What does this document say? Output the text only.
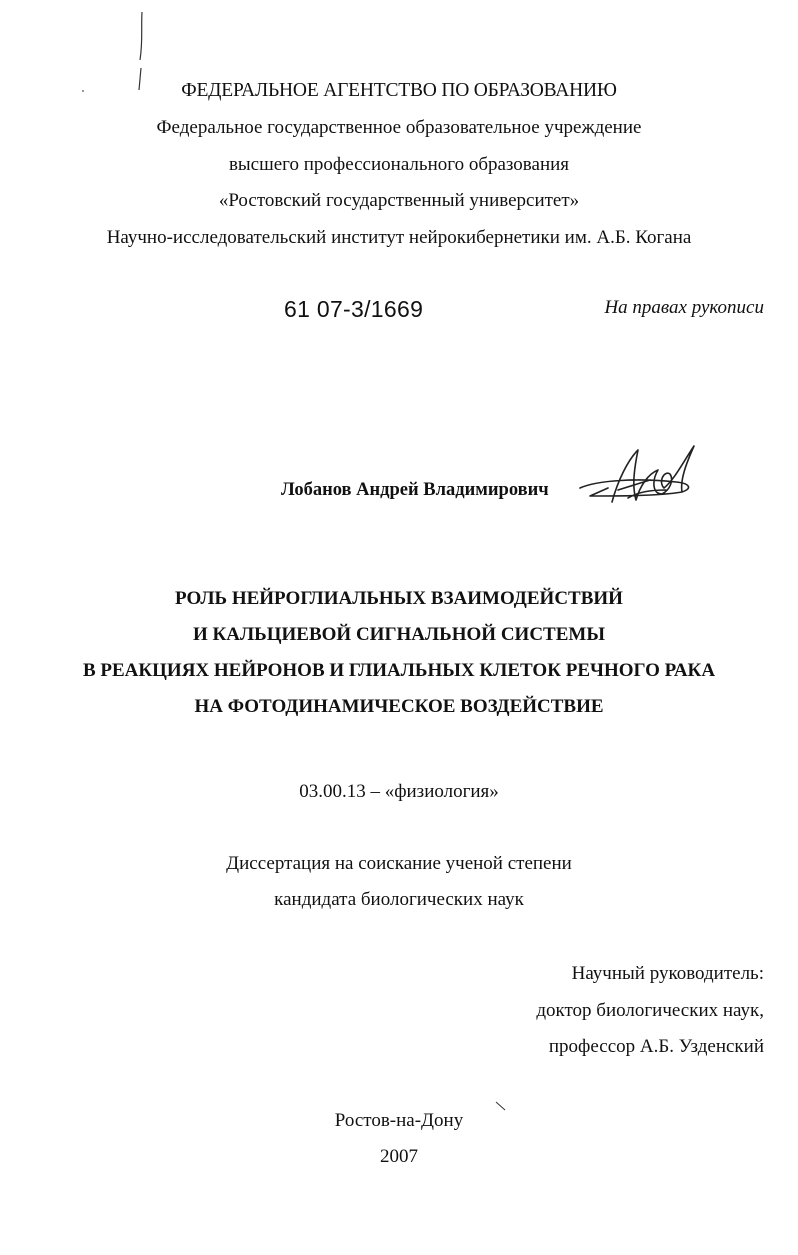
ФЕДЕРАЛЬНОЕ АГЕНТСТВО ПО ОБРАЗОВАНИЮ
Федеральное государственное образовательное учреждение
высшего профессионального образования
«Ростовский государственный университет»
Научно-исследовательский институт нейрокибернетики им. А.Б. Когана
61 07-3/1669	На правах рукописи
Лобанов Андрей Владимирович
РОЛЬ НЕЙРОГЛИАЛЬНЫХ ВЗАИМОДЕЙСТВИЙ
И КАЛЬЦИЕВОЙ СИГНАЛЬНОЙ СИСТЕМЫ
В РЕАКЦИЯХ НЕЙРОНОВ И ГЛИАЛЬНЫХ КЛЕТОК РЕЧНОГО РАКА
НА ФОТОДИНАМИЧЕСКОЕ ВОЗДЕЙСТВИЕ
03.00.13 – «физиология»
Диссертация на соискание ученой степени
кандидата биологических наук
Научный руководитель:
доктор биологических наук,
профессор А.Б. Узденский
Ростов-на-Дону
2007
